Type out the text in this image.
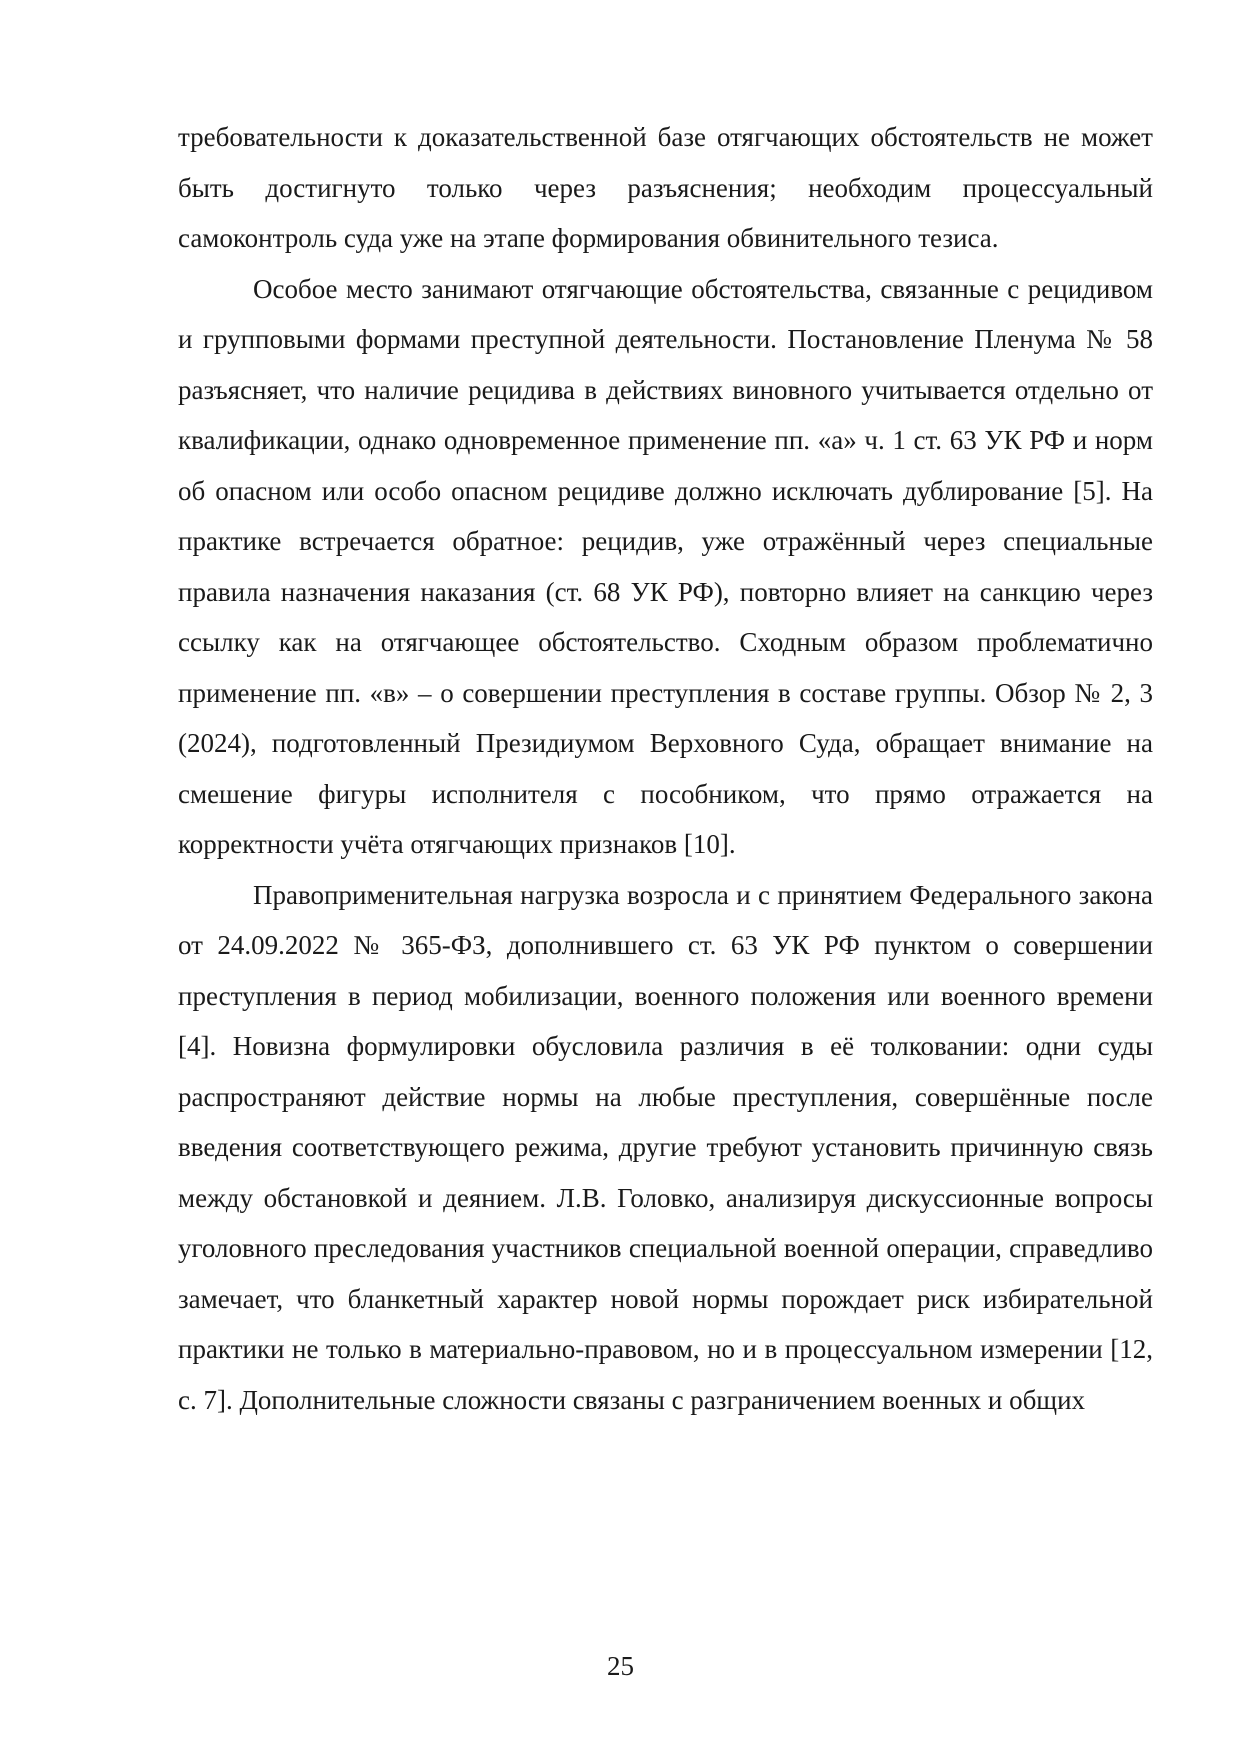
требовательности к доказательственной базе отягчающих обстоятельств не может быть достигнуто только через разъяснения; необходим процессуальный самоконтроль суда уже на этапе формирования обвинительного тезиса.

Особое место занимают отягчающие обстоятельства, связанные с рецидивом и групповыми формами преступной деятельности. Постановление Пленума № 58 разъясняет, что наличие рецидива в действиях виновного учитывается отдельно от квалификации, однако одновременное применение пп. «а» ч. 1 ст. 63 УК РФ и норм об опасном или особо опасном рецидиве должно исключать дублирование [5]. На практике встречается обратное: рецидив, уже отражённый через специальные правила назначения наказания (ст. 68 УК РФ), повторно влияет на санкцию через ссылку как на отягчающее обстоятельство. Сходным образом проблематично применение пп. «в» – о совершении преступления в составе группы. Обзор № 2, 3 (2024), подготовленный Президиумом Верховного Суда, обращает внимание на смешение фигуры исполнителя с пособником, что прямо отражается на корректности учёта отягчающих признаков [10].

Правоприменительная нагрузка возросла и с принятием Федерального закона от 24.09.2022 № 365-ФЗ, дополнившего ст. 63 УК РФ пунктом о совершении преступления в период мобилизации, военного положения или военного времени [4]. Новизна формулировки обусловила различия в её толковании: одни суды распространяют действие нормы на любые преступления, совершённые после введения соответствующего режима, другие требуют установить причинную связь между обстановкой и деянием. Л.В. Головко, анализируя дискуссионные вопросы уголовного преследования участников специальной военной операции, справедливо замечает, что бланкетный характер новой нормы порождает риск избирательной практики не только в материально-правовом, но и в процессуальном измерении [12, с. 7]. Дополнительные сложности связаны с разграничением военных и общих

25
